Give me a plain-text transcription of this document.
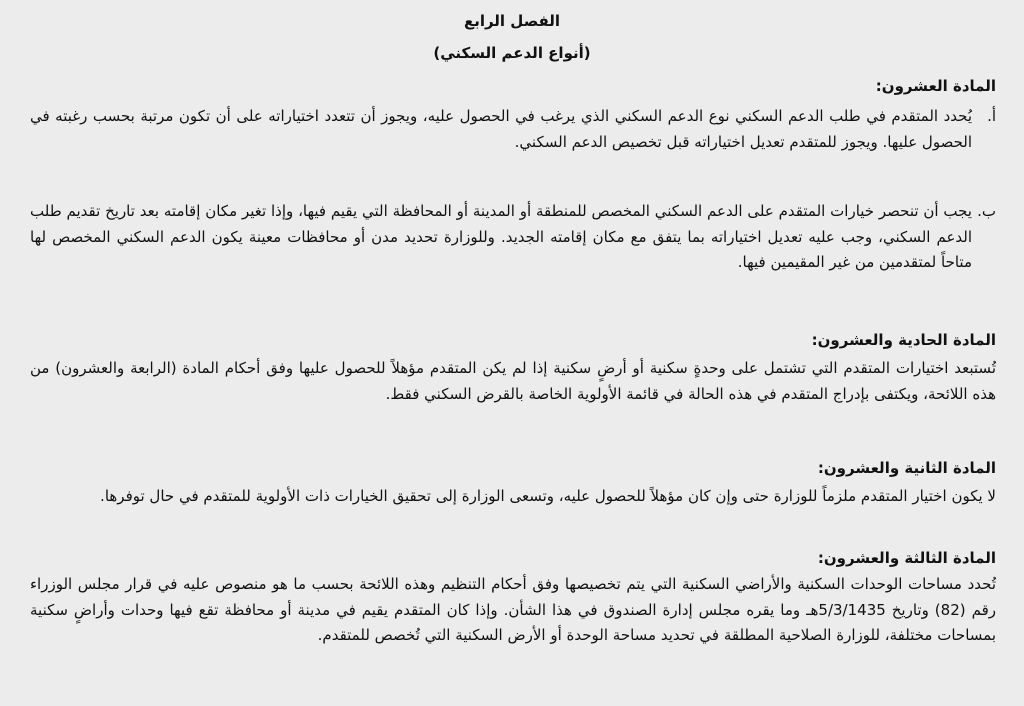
الفصل الرابع
(أنواع الدعم السكني)
المادة العشرون:
أ.

يُحدد المتقدم في طلب الدعم السكني نوع الدعم السكني الذي يرغب في الحصول عليه، ويجوز أن تتعدد اختياراته على أن تكون مرتبة بحسب رغبته في الحصول عليها. ويجوز للمتقدم تعديل اختياراته قبل تخصيص الدعم السكني.

ب.

يجب أن تنحصر خيارات المتقدم على الدعم السكني المخصص للمنطقة أو المدينة أو المحافظة التي يقيم فيها، وإذا تغير مكان إقامته بعد تاريخ تقديم طلب الدعم السكني، وجب عليه تعديل اختياراته بما يتفق مع مكان إقامته الجديد. وللوزارة تحديد مدن أو محافظات معينة يكون الدعم السكني المخصص لها متاحاً لمتقدمين من غير المقيمين فيها.

المادة الحادية والعشرون:

تُستبعد اختيارات المتقدم التي تشتمل على وحدةٍ سكنية أو أرضٍ سكنية إذا لم يكن المتقدم مؤهلاً للحصول عليها وفق أحكام المادة (الرابعة والعشرون) من هذه اللائحة، ويكتفى بإدراج المتقدم في هذه الحالة في قائمة الأولوية الخاصة بالقرض السكني فقط.

المادة الثانية والعشرون:

لا يكون اختيار المتقدم ملزماً للوزارة حتى وإن كان مؤهلاً للحصول عليه، وتسعى الوزارة إلى تحقيق الخيارات ذات الأولوية للمتقدم في حال توفرها.

المادة الثالثة والعشرون:

تُحدد مساحات الوحدات السكنية والأراضي السكنية التي يتم تخصيصها وفق أحكام التنظيم وهذه اللائحة بحسب ما هو منصوص عليه في قرار مجلس الوزراء رقم (82) وتاريخ 5/3/1435هـ وما يقره مجلس إدارة الصندوق في هذا الشأن. وإذا كان المتقدم يقيم في مدينة أو محافظة تقع فيها وحدات وأراضٍ سكنية بمساحات مختلفة، للوزارة الصلاحية المطلقة في تحديد مساحة الوحدة أو الأرض السكنية التي تُخصص للمتقدم.
